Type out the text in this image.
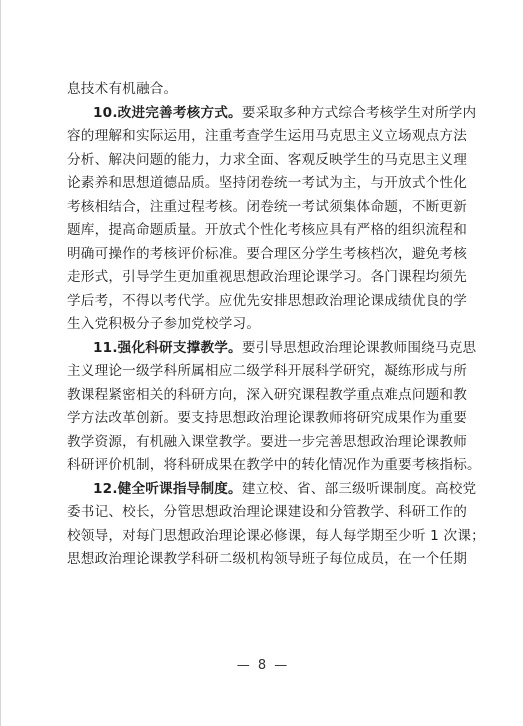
息技术有机融合。
10.改进完善考核方式。要采取多种方式综合考核学生对所学内
容的理解和实际运用，注重考查学生运用马克思主义立场观点方法
分析、解决问题的能力，力求全面、客观反映学生的马克思主义理
论素养和思想道德品质。坚持闭卷统一考试为主，与开放式个性化
考核相结合，注重过程考核。闭卷统一考试须集体命题，不断更新
题库，提高命题质量。开放式个性化考核应具有严格的组织流程和
明确可操作的考核评价标准。要合理区分学生考核档次，避免考核
走形式，引导学生更加重视思想政治理论课学习。各门课程均须先
学后考，不得以考代学。应优先安排思想政治理论课成绩优良的学
生入党积极分子参加党校学习。
11.强化科研支撑教学。要引导思想政治理论课教师围绕马克思
主义理论一级学科所属相应二级学科开展科学研究，凝练形成与所
教课程紧密相关的科研方向，深入研究课程教学重点难点问题和教
学方法改革创新。要支持思想政治理论课教师将研究成果作为重要
教学资源，有机融入课堂教学。要进一步完善思想政治理论课教师
科研评价机制，将科研成果在教学中的转化情况作为重要考核指标。
12.健全听课指导制度。建立校、省、部三级听课制度。高校党
委书记、校长，分管思想政治理论课建设和分管教学、科研工作的
校领导，对每门思想政治理论课必修课，每人每学期至少听 1 次课；
思想政治理论课教学科研二级机构领导班子每位成员，在一个任期
— 8 —
